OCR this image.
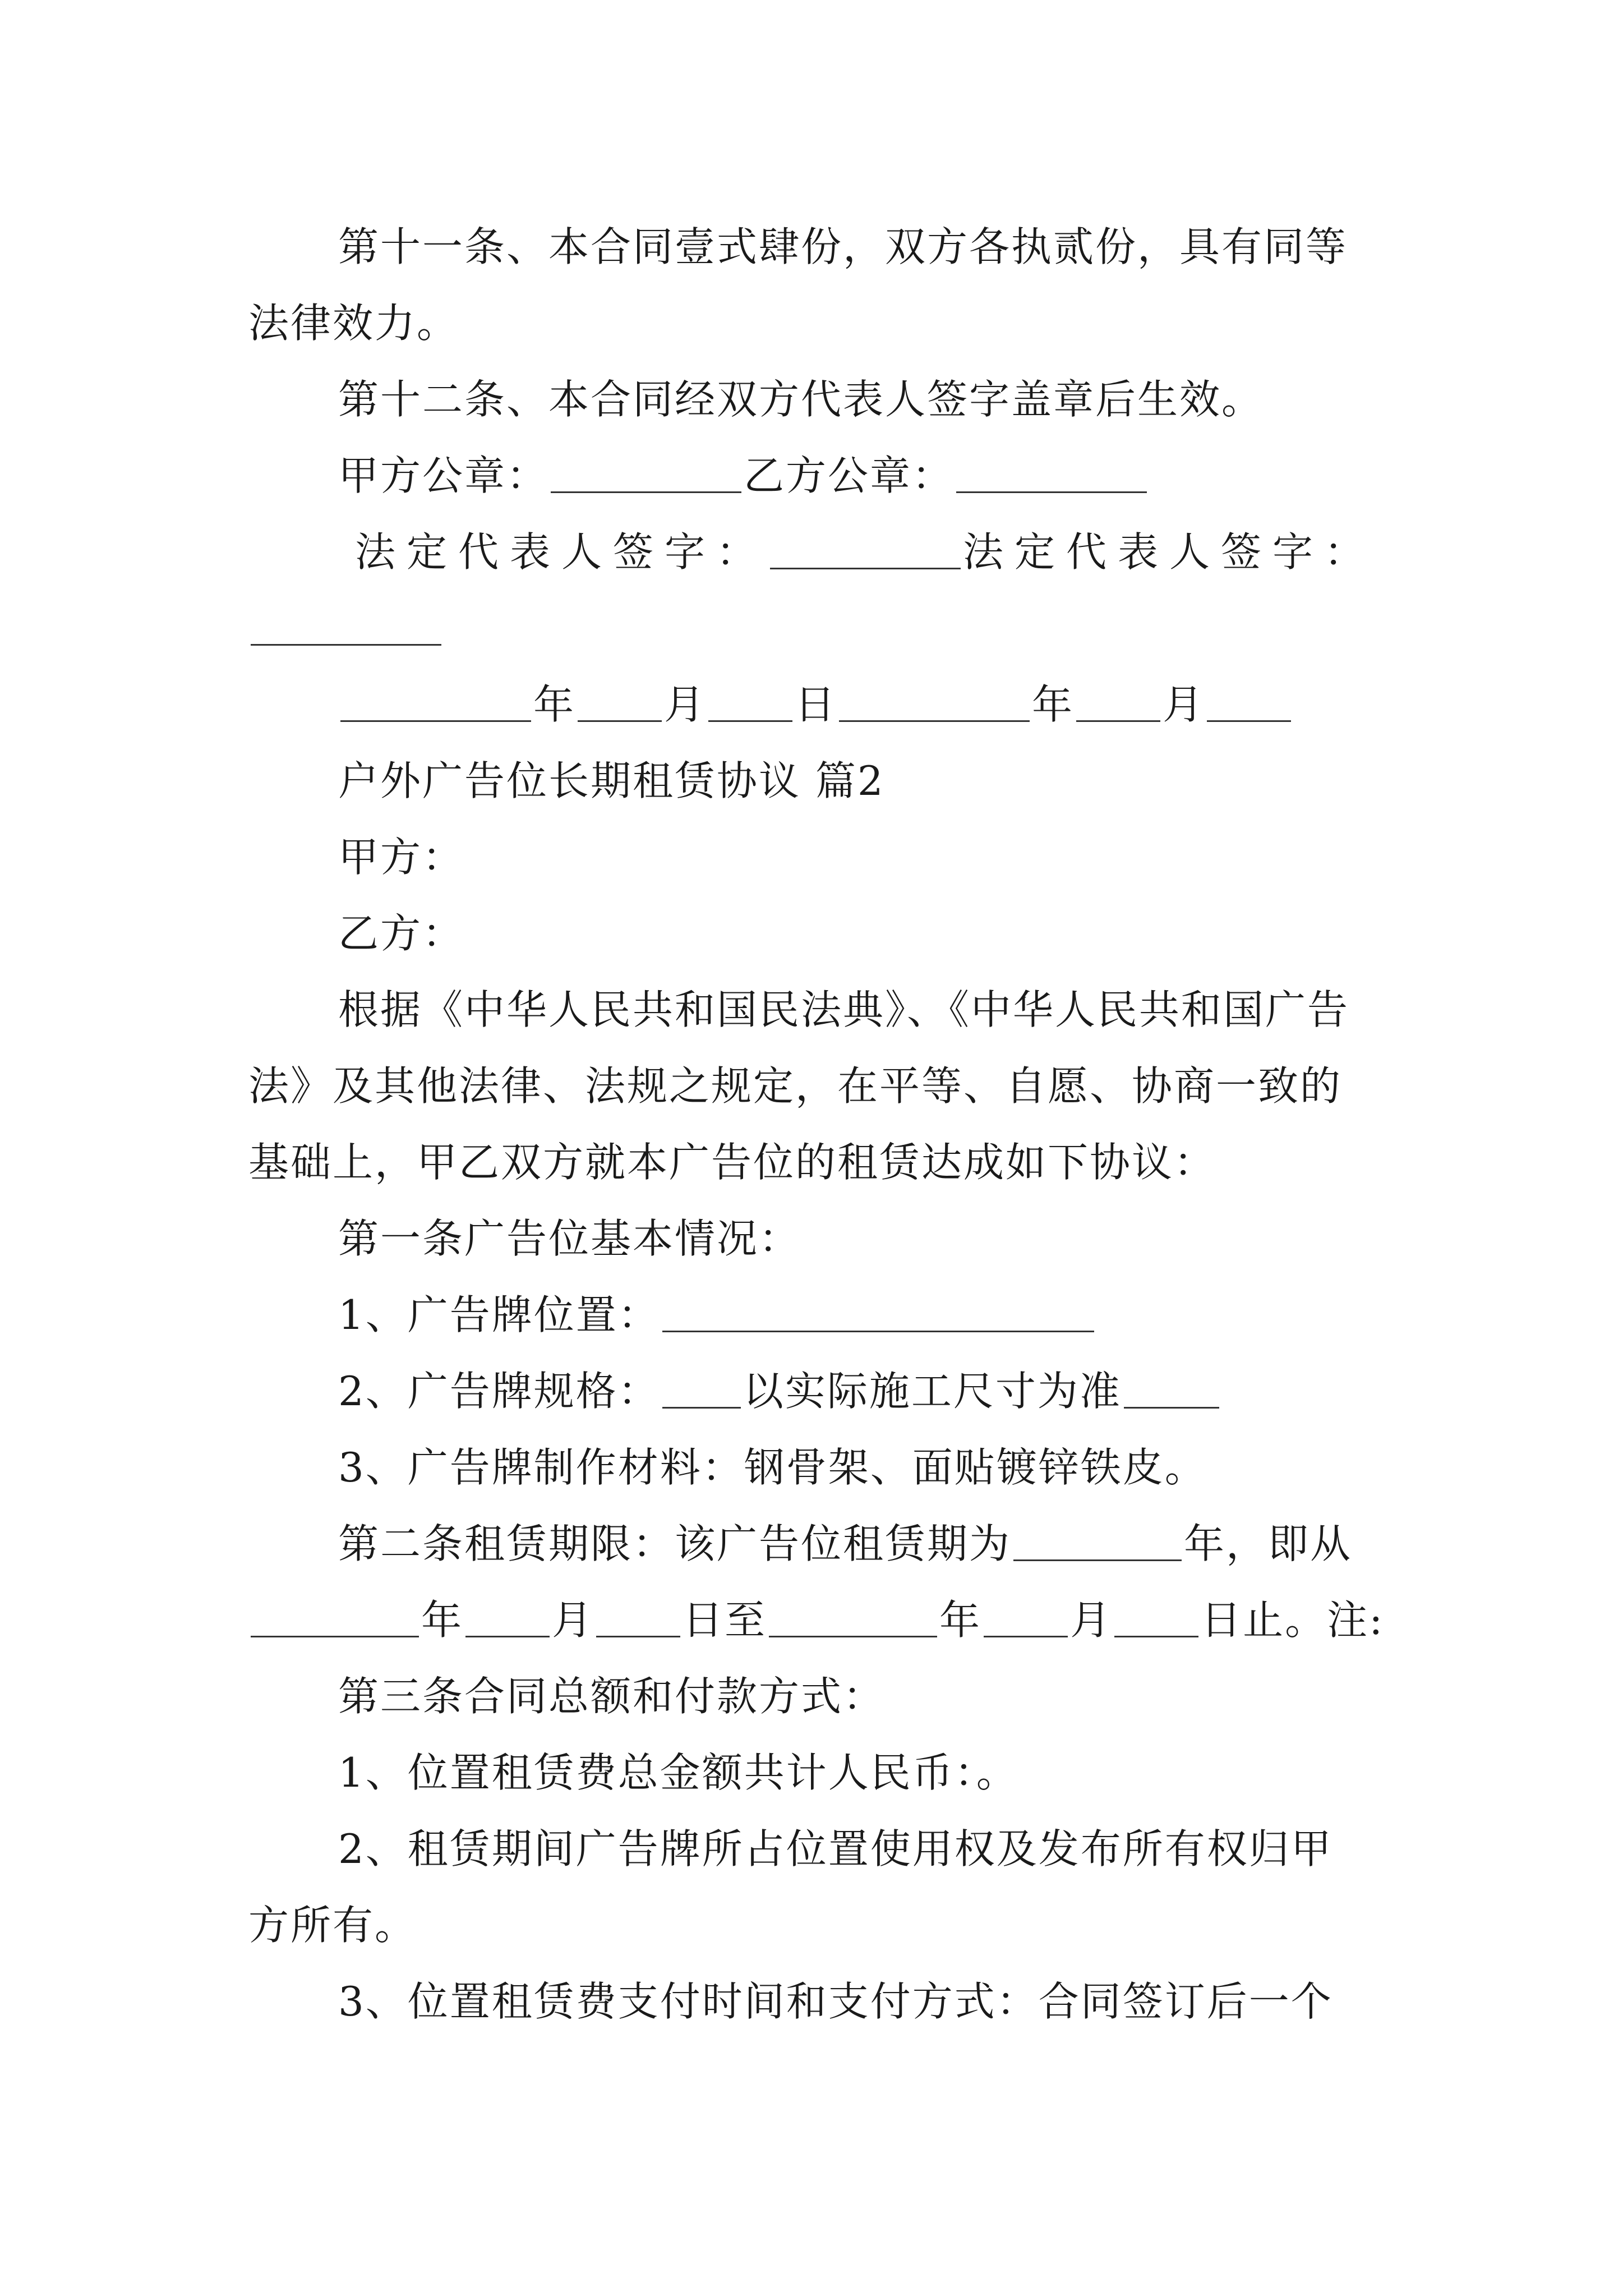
第十一条、本合同壹式肆份，双方各执贰份，具有同等
法律效力。
第十二条、本合同经双方代表人签字盖章后生效。
甲方公章：	乙方公章：
法定代表人签字：	法定代表人签字：
年 月 日	年 月
户外广告位长期租赁协议 篇2
甲方：
乙方：
根据《中华人民共和国民法典》、《中华人民共和国广告
法》及其他法律、法规之规定，在平等、自愿、协商一致的
基础上，甲乙双方就本广告位的租赁达成如下协议：
第一条广告位基本情况：
1、广告牌位置：
2、广告牌规格： 以实际施工尺寸为准
3、广告牌制作材料：钢骨架、面贴镀锌铁皮。
第二条租赁期限：该广告位租赁期为	年，即从
年 月 日至	年 月 日止。注:
第三条合同总额和付款方式：
1、位置租赁费总金额共计人民币：。
2、租赁期间广告牌所占位置使用权及发布所有权归甲
方所有。
3、位置租赁费支付时间和支付方式：合同签订后一个
